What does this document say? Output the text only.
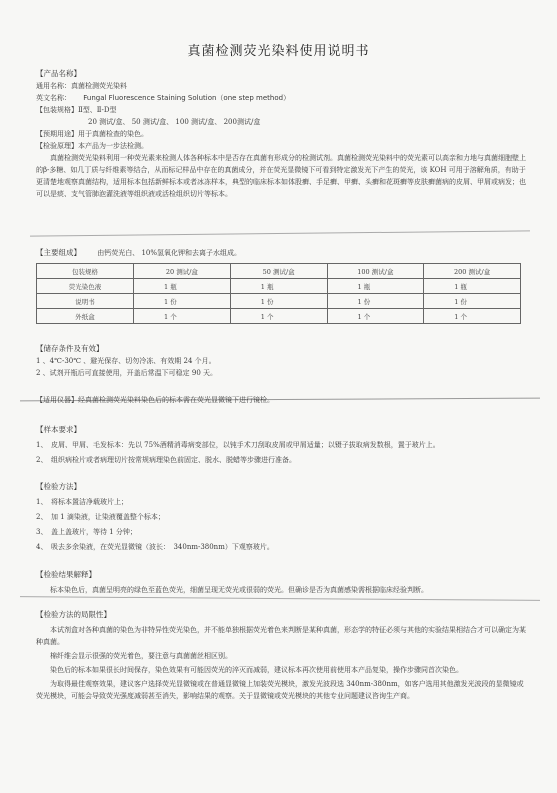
真菌检测荧光染料使用说明书
【产品名称】
通用名称：真菌检测荧光染料
英文名称： Fungal Fluorescence Staining Solution（one step method）
【包装规格】Ⅱ型、Ⅱ-D型
20 测试/盒、 50 测试/盒、 100 测试/盒、 200测试/盒
【预期用途】用于真菌检查的染色。
【检验原理】本产品为一步法检测。
真菌检测荧光染料利用一种荧光素来检测人体各种标本中是否存在真菌有形成分的检测试剂。真菌检测荧光染料中的荧光素可以高亲和力地与真菌细胞壁上的β-多糖、如几丁质与纤维素等结合，从而标记样品中存在的真菌成分，并在荧光显微镜下可看到特定激发光下产生的荧光，该 KOH 可用于溶解角质，有助于更清楚地观察真菌结构，适用标本包括新鲜标本或者冰冻样本，典型的临床标本如体股癣、手足癣、甲癣、头癣和花斑癣等皮肤癣菌病的皮屑、甲屑或病发；也可以是痰、支气管肺泡灌洗液等组织液或活检组织切片等标本。
【主要组成】 由钙荧光白、 10%氢氧化钾和去离子水组成。
包装规格	20 测试/盒	50 测试/盒	100 测试/盒	200 测试/盒
荧光染色液	1 瓶	1 瓶	1 瓶	1 瓶
说明书	1 份	1 份	1 份	1 份
外纸盒	1 个	1 个	1 个	1 个
【储存条件及有效】
1 、4℃-30℃ 、避光保存、切勿冷冻、有效期 24 个月。
2 、试剂开瓶后可直接使用，开盖后常温下可稳定 90 天。
【适用仪器】经真菌检测荧光染料染色后的标本需在荧光显微镜下进行镜检。
【样本要求】
1、　皮屑、甲屑、毛发标本：先以 75%酒精消毒病变部位，以钝手术刀刮取皮屑或甲屑适量；以镊子拔取病发数根，置于玻片上。
2、　组织病检片或者病理切片按常规病理染色前固定、脱水、脱蜡等步骤进行准备。
【检验方法】
1、　将标本置洁净载玻片上；
2、　加 1 滴染液，让染液覆盖整个标本；
3、　盖上盖玻片，等待 1 分钟；
4、　吸去多余染液，在荧光显微镜（波长：　340nm-380nm）下观察玻片。
【检验结果解释】
标本染色后，真菌呈明亮的绿色至蓝色荧光，细菌呈现无荧光或很弱的荧光。但确诊是否为真菌感染需根据临床经验判断。
【检验方法的局限性】
本试剂盒对各种真菌的染色为非特异性荧光染色，并不能单独根据荧光着色来判断是某种真菌，形态学的特征必须与其他的实验结果相结合才可以确定为某种真菌。
棉纤维会显示很强的荧光着色，要注意与真菌菌丝相区别。
染色后的标本如果很长时间保存，染色效果有可能因荧光的淬灭而减弱，建议标本再次使用前使用本产品复染，操作步骤同首次染色。
为取得最佳观察效果，建议客户选择荧光显微镜或在普通显微镜上加装荧光模块，激发光波段选 340nm-380nm，如客户选用其他激发光波段的显微镜或荧光模块，可能会导致荧光强度减弱甚至消失，影响结果的观察。关于显微镜或荧光模块的其他专业问题建议咨询生产商。
